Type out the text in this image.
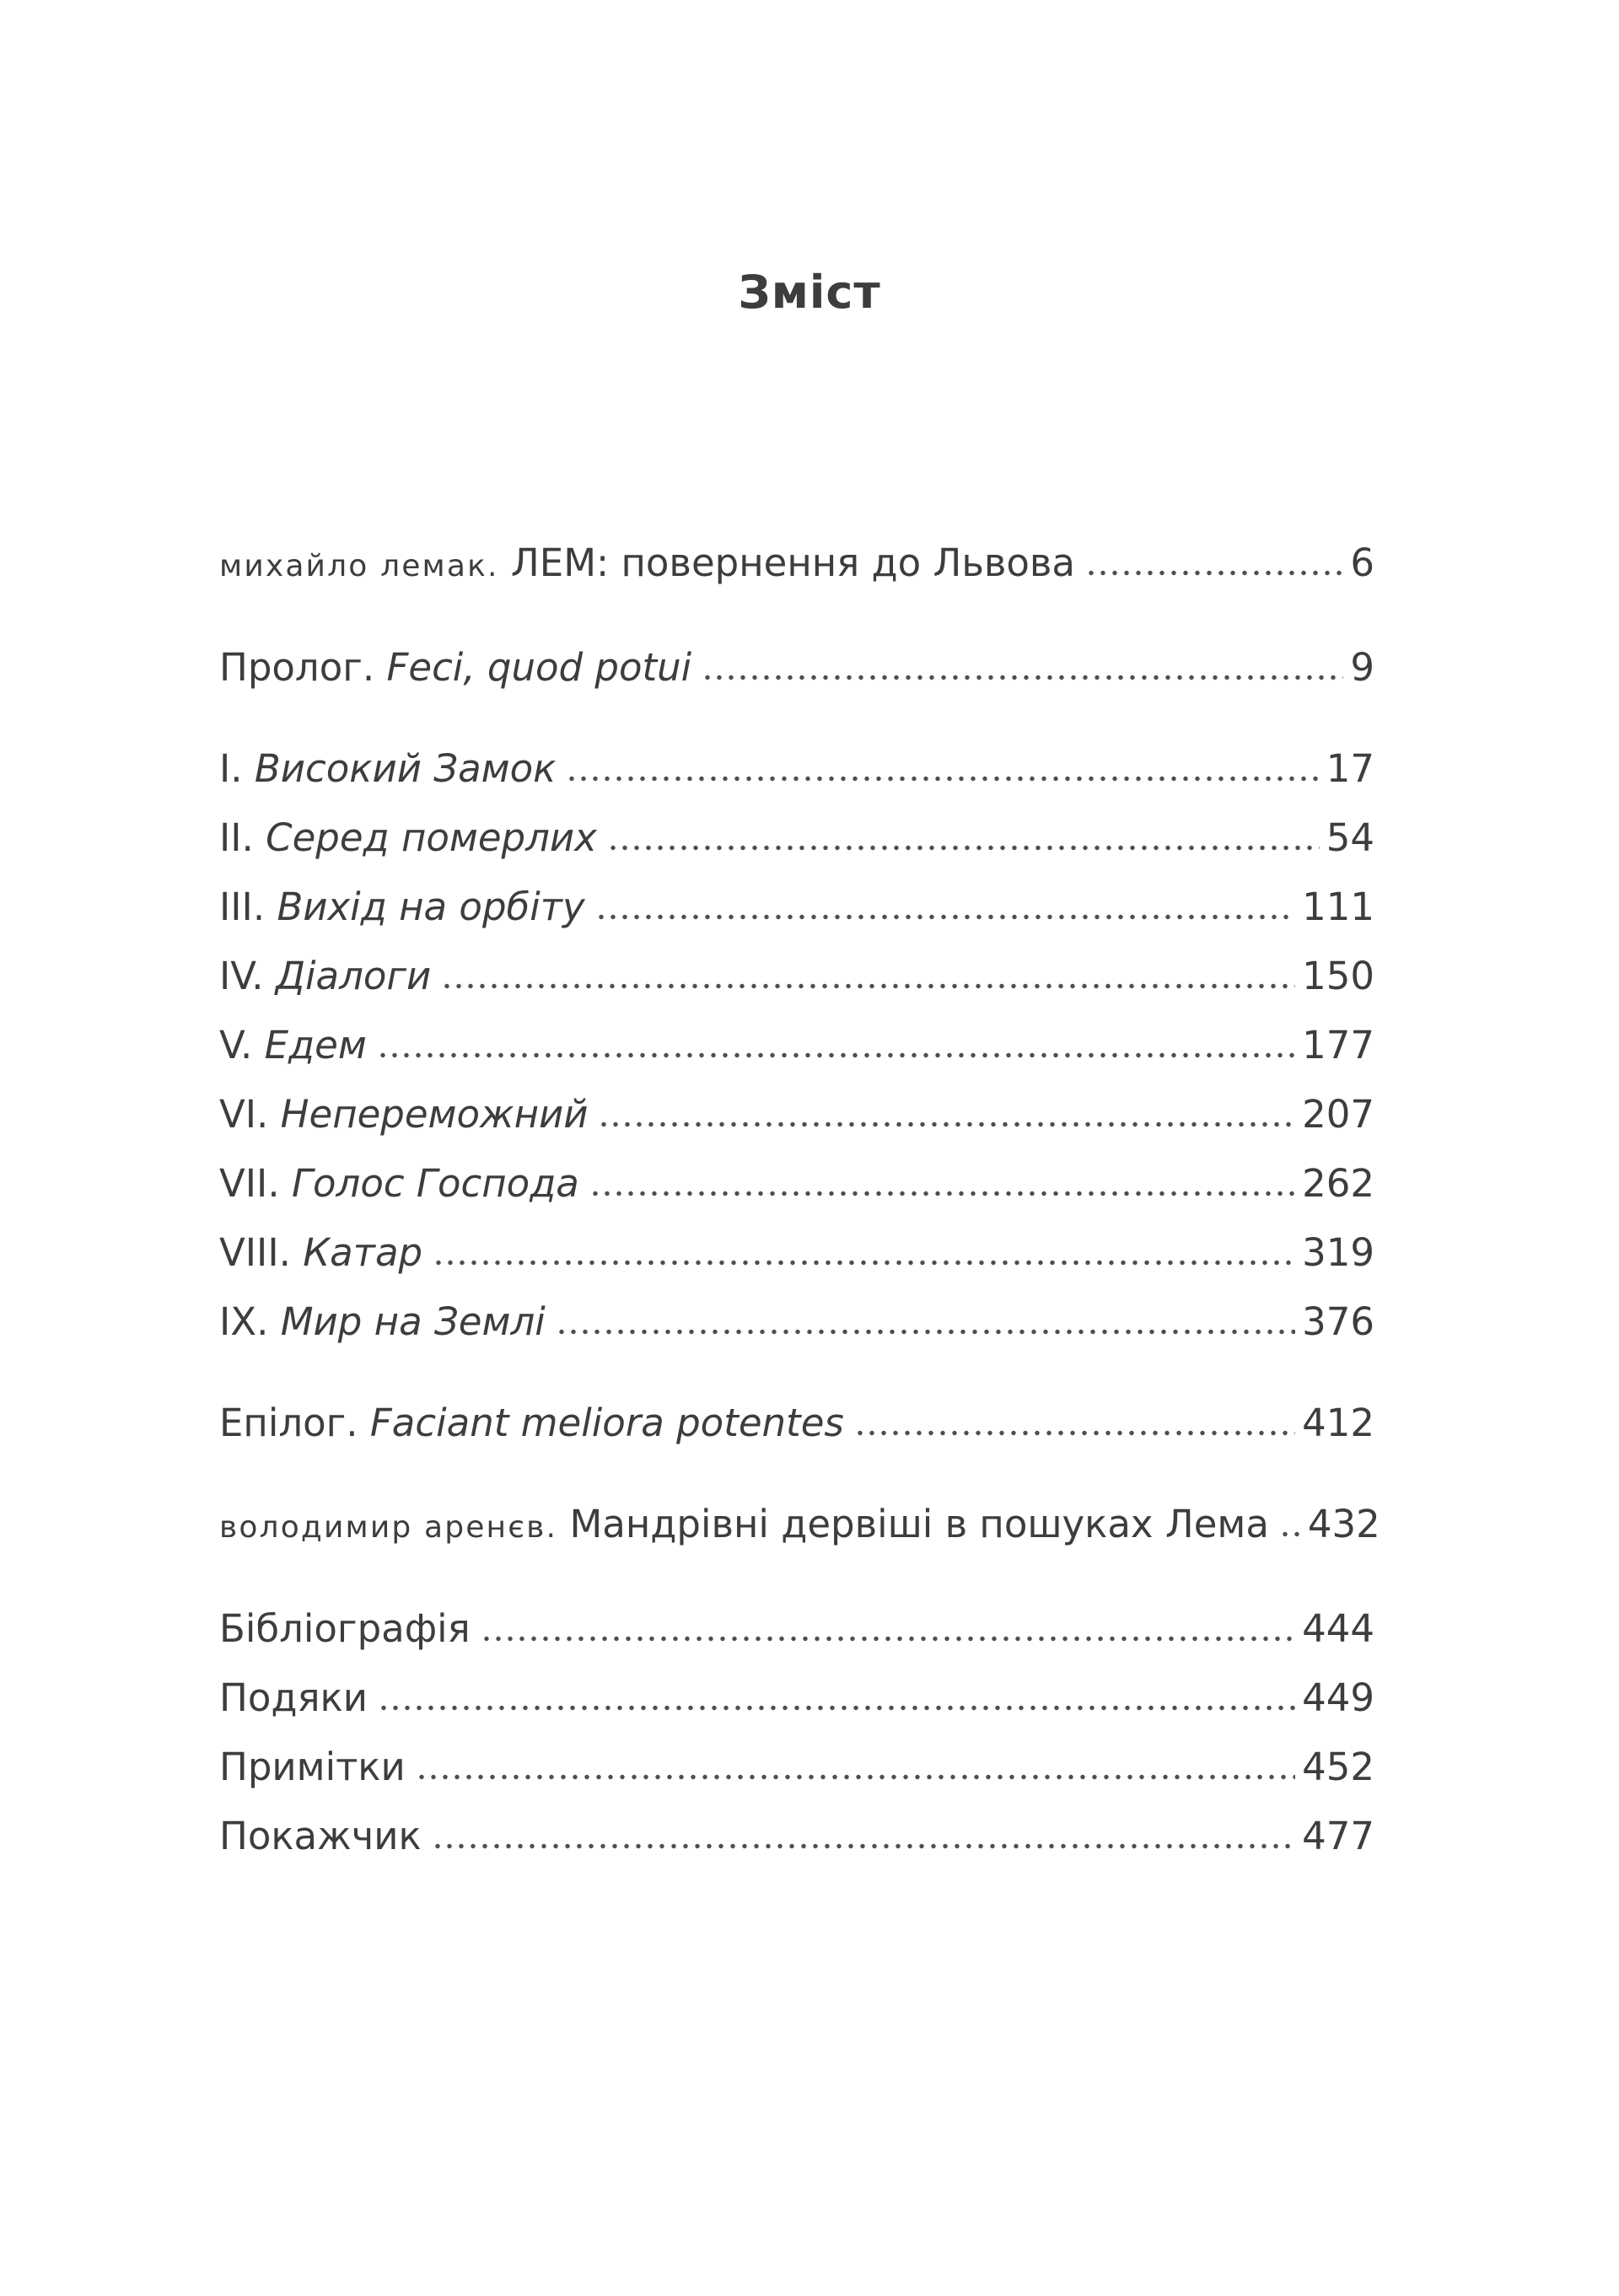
Зміст
михайло лемак. ЛЕМ: повернення до Львова	6
Пролог. Feci, quod potui	9
I. Високий Замок	17
II. Серед померлих	54
III. Вихід на орбіту	111
IV. Діалоги	150
V. Едем	177
VI. Непереможний	207
VII. Голос Господа	262
VIII. Катар	319
IX. Мир на Землі	376
Епілог. Faciant meliora potentes	412
володимир аренєв. Мандрівні дервіші в пошуках Лема 432
Бібліографія	444
Подяки	449
Примітки	452
Покажчик	477
